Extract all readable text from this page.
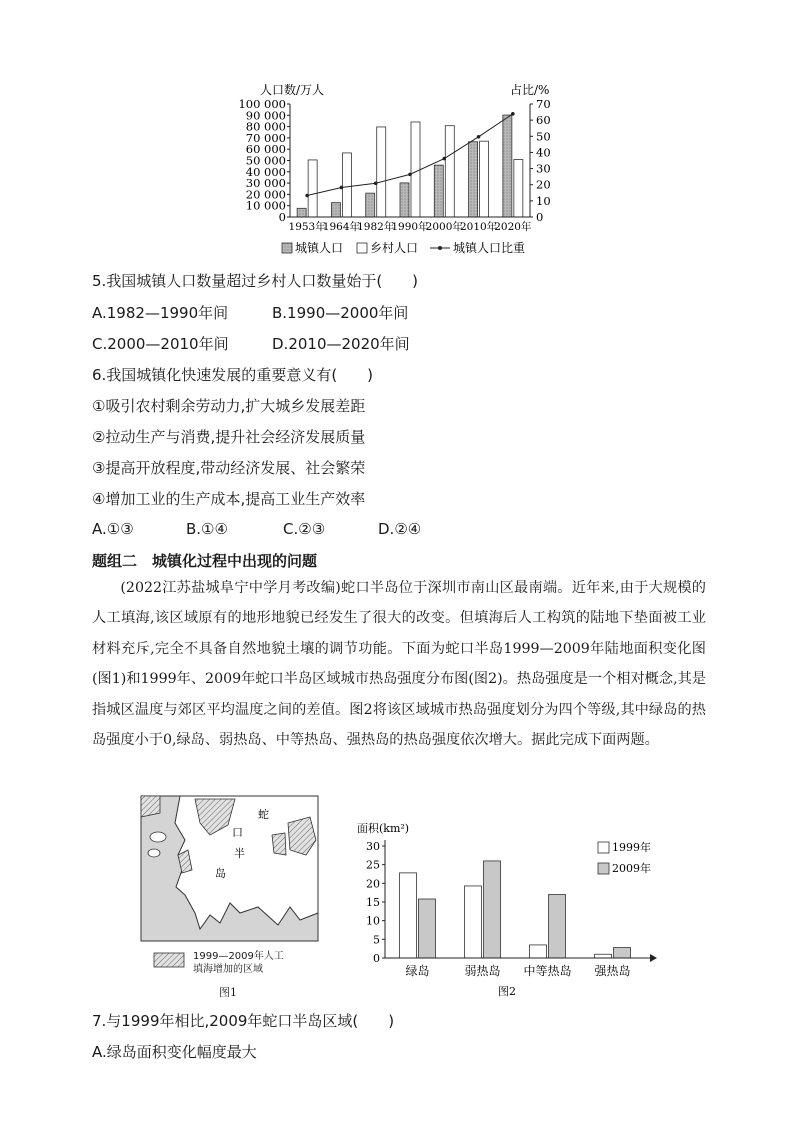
人口数/万人	占比/%
100 000
90 000
80 000
70 000
60 000
50 000
40 000
30 000
20 000
10 000
0
70
60
50
40
30
20
10
0
1953年
1964年
1982年
1990年
2000年
2010年
2020年
城镇人口 乡村人口	城镇人口比重
5.我国城镇人口数量超过乡村人口数量始于(　　)
A.1982—1990年间	B.1990—2000年间
C.2000—2010年间	D.2010—2020年间
6.我国城镇化快速发展的重要意义有(　　)
①吸引农村剩余劳动力,扩大城乡发展差距
②拉动生产与消费,提升社会经济发展质量
③提高开放程度,带动经济发展、社会繁荣
④增加工业的生产成本,提高工业生产效率
A.①③	B.①④	C.②③	D.②④
题组二　城镇化过程中出现的问题
(2022江苏盐城阜宁中学月考改编)蛇口半岛位于深圳市南山区最南端。近年来,由于大规模的人工填海,该区域原有的地形地貌已经发生了很大的改变。但填海后人工构筑的陆地下垫面被工业材料充斥,完全不具备自然地貌土壤的调节功能。下面为蛇口半岛1999—2009年陆地面积变化图(图1)和1999年、2009年蛇口半岛区域城市热岛强度分布图(图2)。热岛强度是一个相对概念,其是指城区温度与郊区平均温度之间的差值。图2将该区域城市热岛强度划分为四个等级,其中绿岛的热岛强度小于0,绿岛、弱热岛、中等热岛、强热岛的热岛强度依次增大。据此完成下面两题。
蛇
口
半
岛
1999—2009年人工填海增加的区域
图1
面积(km²)
30
25
20
15
10
5
0
绿岛	弱热岛 中等热岛 强热岛
1999年
2009年
图2
7.与1999年相比,2009年蛇口半岛区域(　　)
A.绿岛面积变化幅度最大
